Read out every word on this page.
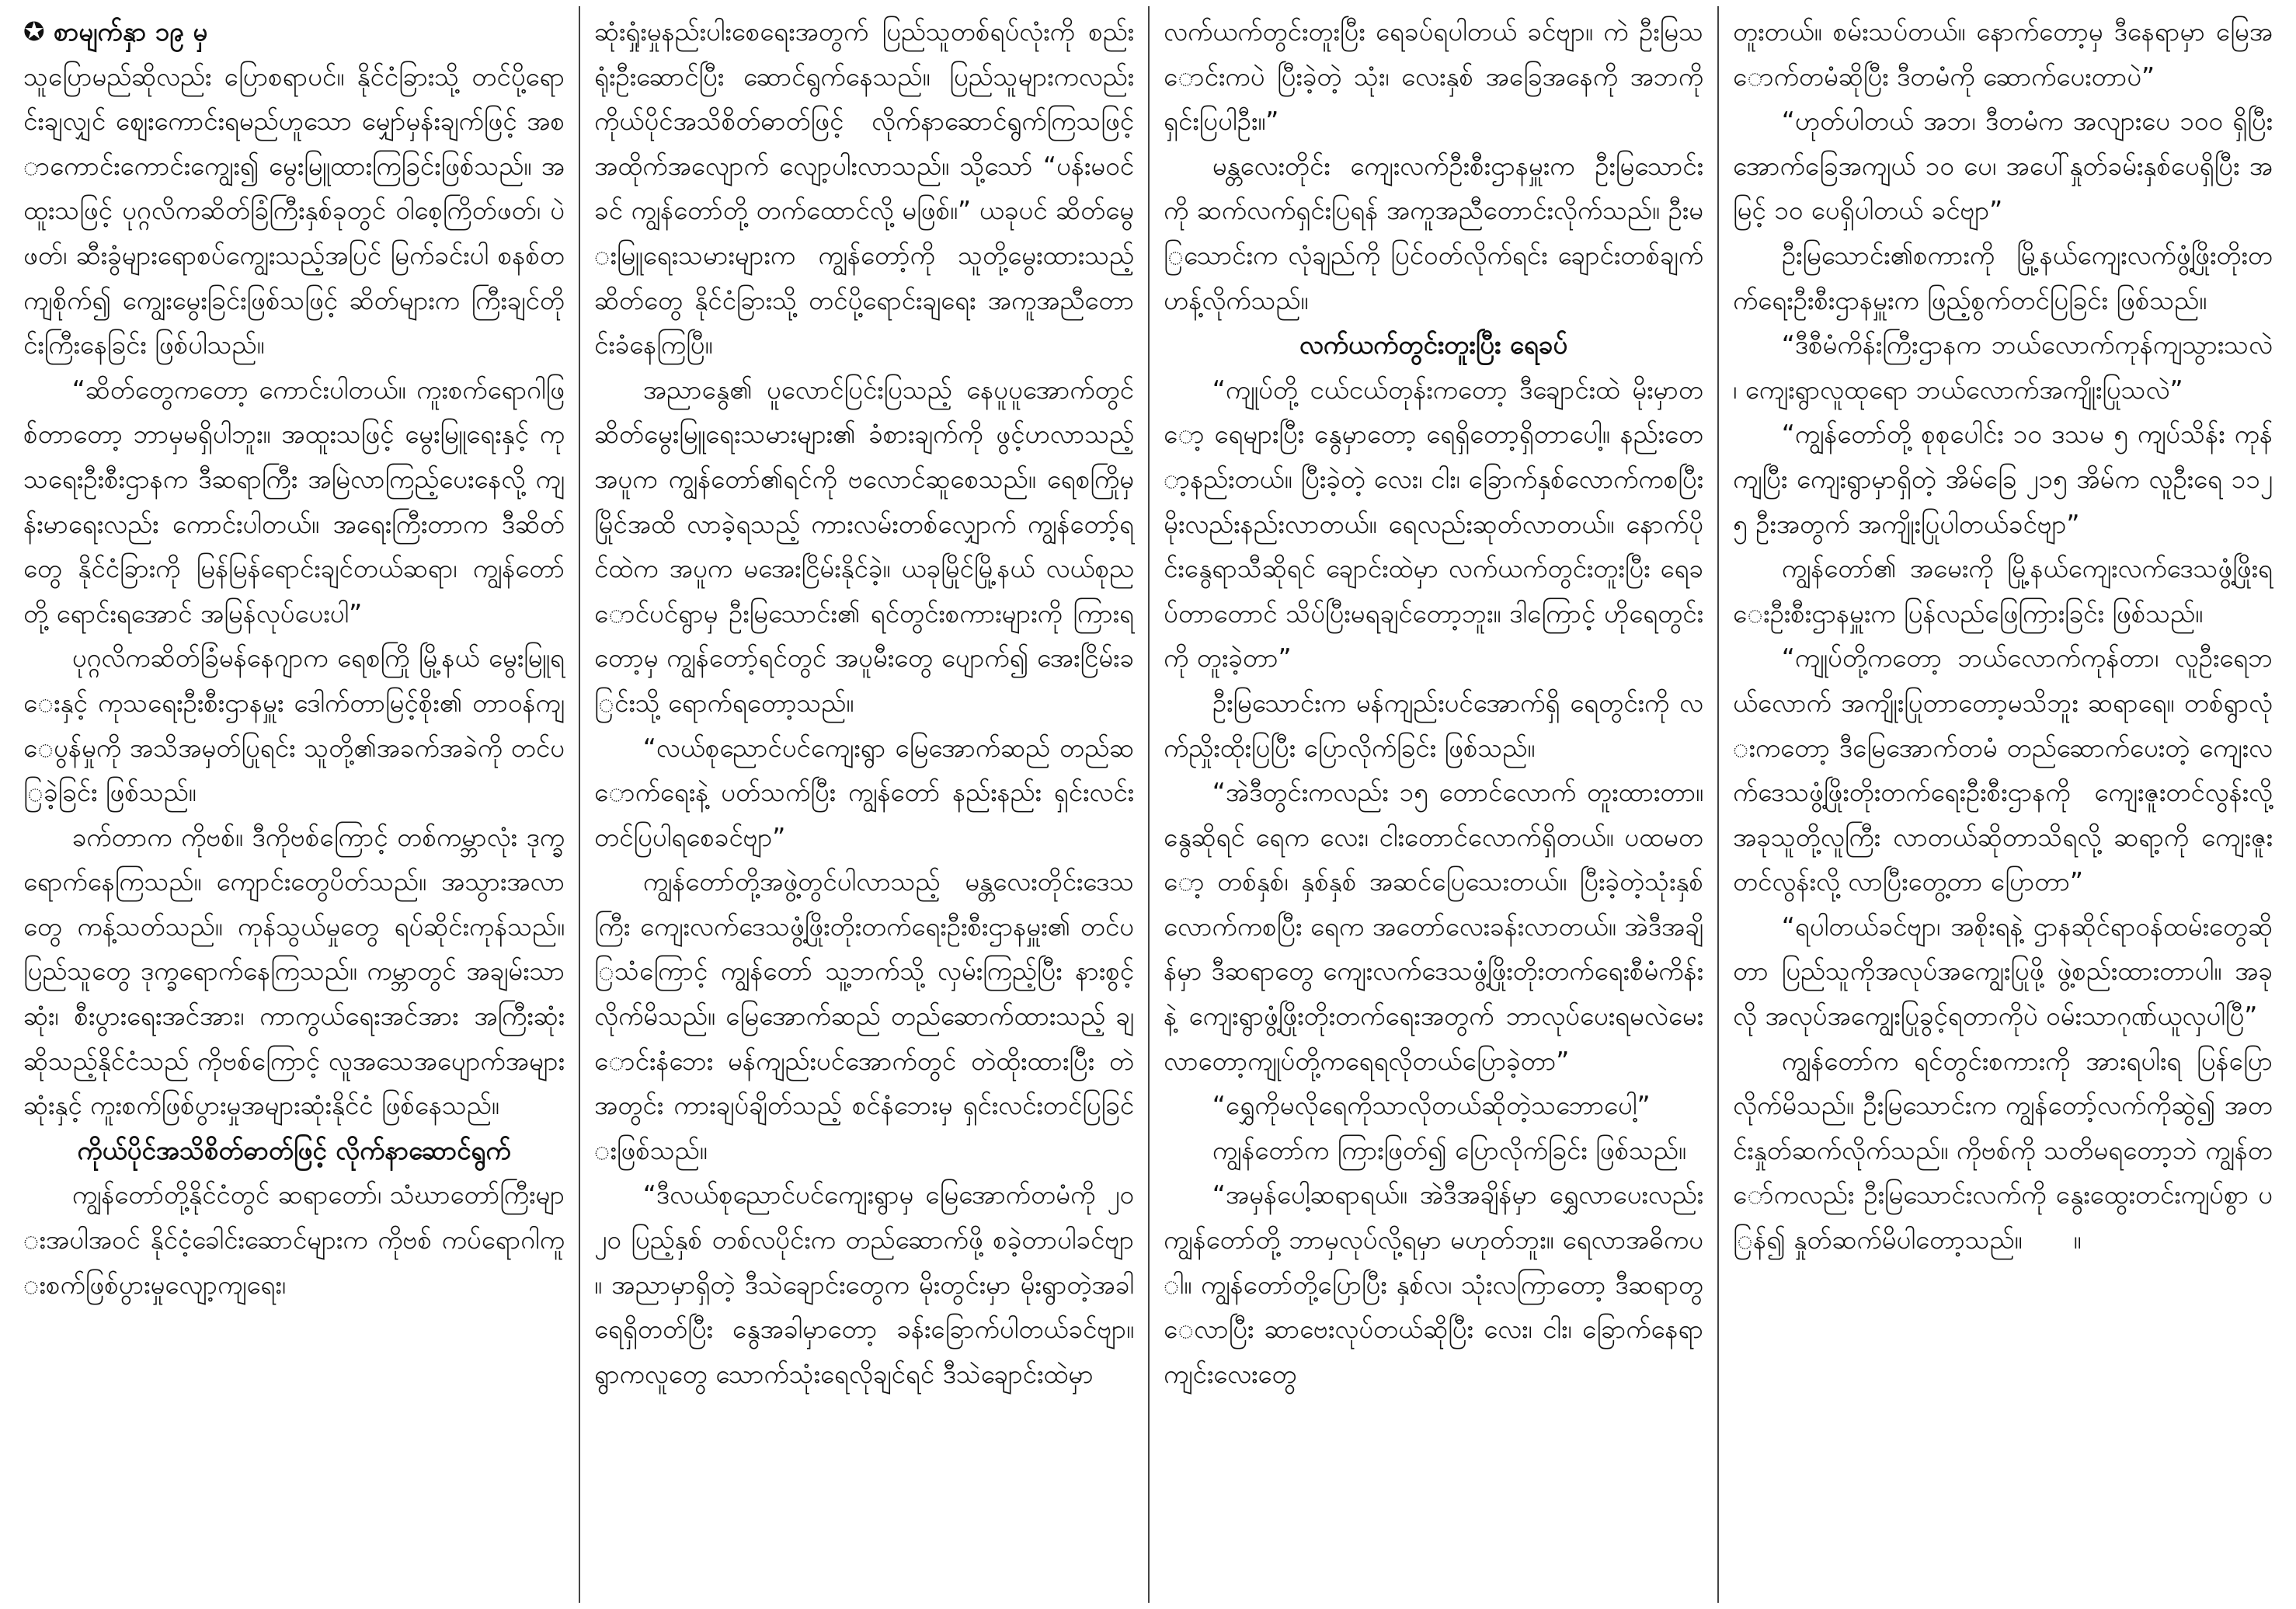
✪ စာမျက်နှာ ၁၉ မှ

သူပြောမည်ဆိုလည်း ပြောစရာပင်။ နိုင်ငံခြားသို့ တင်ပို့ရောင်းချလျှင် ဈေးကောင်းရမည်ဟူသော မျှော်မှန်းချက်ဖြင့် အစာကောင်းကောင်းကျွေး၍ မွေးမြူထားကြခြင်းဖြစ်သည်။ အထူးသဖြင့် ပုဂ္ဂလိကဆိတ်ခြံကြီးနှစ်ခုတွင် ဝါစေ့ကြိတ်ဖတ်၊ ပဲဖတ်၊ ဆီးခွံများရောစပ်ကျွေးသည့်အပြင် မြက်ခင်းပါ စနစ်တကျစိုက်၍ ကျွေးမွေးခြင်းဖြစ်သဖြင့် ဆိတ်များက ကြီးချင်တိုင်းကြီးနေခြင်း ဖြစ်ပါသည်။

“ဆိတ်တွေကတော့ ကောင်းပါတယ်။ ကူးစက်ရောဂါဖြစ်တာတော့ ဘာမှမရှိပါဘူး။ အထူးသဖြင့် မွေးမြူရေးနှင့် ကုသရေးဦးစီးဌာနက ဒီဆရာကြီး အမြဲလာကြည့်ပေးနေလို့ ကျန်းမာရေးလည်း ကောင်းပါတယ်။ အရေးကြီးတာက ဒီဆိတ်တွေ နိုင်ငံခြားကို မြန်မြန်ရောင်းချင်တယ်ဆရာ၊ ကျွန်တော်တို့ ရောင်းရအောင် အမြန်လုပ်ပေးပါ”

ပုဂ္ဂလိကဆိတ်ခြံမန်နေဂျာက ရေစကြို မြို့နယ် မွေးမြူရေးနှင့် ကုသရေးဦးစီးဌာနမှူး ဒေါက်တာမြင့်စိုး၏ တာဝန်ကျေပွန်မှုကို အသိအမှတ်ပြုရင်း သူတို့၏အခက်အခဲကို တင်ပြခဲ့ခြင်း ဖြစ်သည်။

ခက်တာက ကိုဗစ်။ ဒီကိုဗစ်ကြောင့် တစ်ကမ္ဘာလုံး ဒုက္ခရောက်နေကြသည်။ ကျောင်းတွေပိတ်သည်။ အသွားအလာတွေ ကန့်သတ်သည်။ ကုန်သွယ်မှုတွေ ရပ်ဆိုင်းကုန်သည်။ ပြည်သူတွေ ဒုက္ခရောက်နေကြသည်။ ကမ္ဘာတွင် အချမ်းသာဆုံး၊ စီးပွားရေးအင်အား၊ ကာကွယ်ရေးအင်အား အကြီးဆုံးဆိုသည့်နိုင်ငံသည် ကိုဗစ်ကြောင့် လူအသေအပျောက်အများဆုံးနှင့် ကူးစက်ဖြစ်ပွားမှုအများဆုံးနိုင်ငံ ဖြစ်နေသည်။

ကိုယ်ပိုင်အသိစိတ်ဓာတ်ဖြင့် လိုက်နာဆောင်ရွက်

ကျွန်တော်တို့နိုင်ငံတွင် ဆရာတော်၊ သံဃာတော်ကြီးများအပါအဝင် နိုင်ငံ့ခေါင်းဆောင်များက ကိုဗစ် ကပ်ရောဂါကူးစက်ဖြစ်ပွားမှုလျော့ကျရေး၊

ဆုံးရှုံးမှုနည်းပါးစေရေးအတွက် ပြည်သူတစ်ရပ်လုံးကို စည်းရုံးဦးဆောင်ပြီး ဆောင်ရွက်နေသည်။ ပြည်သူများကလည်း ကိုယ်ပိုင်အသိစိတ်ဓာတ်ဖြင့် လိုက်နာဆောင်ရွက်ကြသဖြင့် အထိုက်အလျောက် လျော့ပါးလာသည်။ သို့သော် “ပန်းမဝင်ခင် ကျွန်တော်တို့ တက်ထောင်လို့ မဖြစ်။” ယခုပင် ဆိတ်မွေးမြူရေးသမားများက ကျွန်တော့်ကို သူတို့မွေးထားသည့် ဆိတ်တွေ နိုင်ငံခြားသို့ တင်ပို့ရောင်းချရေး အကူအညီတောင်းခံနေကြပြီ။

အညာနွေ၏ ပူလောင်ပြင်းပြသည့် နေပူပူအောက်တွင် ဆိတ်မွေးမြူရေးသမားများ၏ ခံစားချက်ကို ဖွင့်ဟလာသည့်အပူက ကျွန်တော်၏ရင်ကို ဗလောင်ဆူစေသည်။ ရေစကြိုမှ မြိုင်အထိ လာခဲ့ရသည့် ကားလမ်းတစ်လျှောက် ကျွန်တော့်ရင်ထဲက အပူက မအေးငြိမ်းနိုင်ခဲ့။ ယခုမြိုင်မြို့နယ် လယ်စုညောင်ပင်ရွာမှ ဦးမြသောင်း၏ ရင်တွင်းစကားများကို ကြားရတော့မှ ကျွန်တော့်ရင်တွင် အပူမီးတွေ ပျောက်၍ အေးငြိမ်းခြင်းသို့ ရောက်ရတော့သည်။

“လယ်စုညောင်ပင်ကျေးရွာ မြေအောက်ဆည် တည်ဆောက်ရေးနဲ့ ပတ်သက်ပြီး ကျွန်တော် နည်းနည်း ရှင်းလင်းတင်ပြပါရစေခင်ဗျာ”

ကျွန်တော်တို့အဖွဲ့တွင်ပါလာသည့် မန္တလေးတိုင်းဒေသကြီး ကျေးလက်ဒေသဖွံ့ဖြိုးတိုးတက်ရေးဦးစီးဌာနမှူး၏ တင်ပြသံကြောင့် ကျွန်တော် သူ့ဘက်သို့ လှမ်းကြည့်ပြီး နားစွင့်လိုက်မိသည်။ မြေအောက်ဆည် တည်ဆောက်ထားသည့် ချောင်းနံဘေး မန်ကျည်းပင်အောက်တွင် တဲထိုးထားပြီး တဲအတွင်း ကားချပ်ချိတ်သည့် စင်နံဘေးမှ ရှင်းလင်းတင်ပြခြင်းဖြစ်သည်။

“ဒီလယ်စုညောင်ပင်ကျေးရွာမှ မြေအောက်တမံကို ၂၀၂၀ ပြည့်နှစ် တစ်လပိုင်းက တည်ဆောက်ဖို့ စခဲ့တာပါခင်ဗျာ။ အညာမှာရှိတဲ့ ဒီသဲချောင်းတွေက မိုးတွင်းမှာ မိုးရွာတဲ့အခါ ရေရှိတတ်ပြီး နွေအခါမှာတော့ ခန်းခြောက်ပါတယ်ခင်ဗျာ။ ရွာကလူတွေ သောက်သုံးရေလိုချင်ရင် ဒီသဲချောင်းထဲမှာ

လက်ယက်တွင်းတူးပြီး ရေခပ်ရပါတယ် ခင်ဗျာ။ ကဲ ဦးမြသောင်းကပဲ ပြီးခဲ့တဲ့ သုံး၊ လေးနှစ် အခြေအနေကို အဘကို ရှင်းပြပါဦး။”

မန္တလေးတိုင်း ကျေးလက်ဦးစီးဌာနမှူးက ဦးမြသောင်းကို ဆက်လက်ရှင်းပြရန် အကူအညီတောင်းလိုက်သည်။ ဦးမြသောင်းက လုံချည်ကို ပြင်ဝတ်လိုက်ရင်း ချောင်းတစ်ချက်ဟန့်လိုက်သည်။

လက်ယက်တွင်းတူးပြီး ရေခပ်

“ကျုပ်တို့ ငယ်ငယ်တုန်းကတော့ ဒီချောင်းထဲ မိုးမှာတော့ ရေများပြီး နွေမှာတော့ ရေရှိတော့ရှိတာပေါ့။ နည်းတော့နည်းတယ်။ ပြီးခဲ့တဲ့ လေး၊ ငါး၊ ခြောက်နှစ်လောက်ကစပြီး မိုးလည်းနည်းလာတယ်။ ရေလည်းဆုတ်လာတယ်။ နောက်ပိုင်းနွေရာသီဆိုရင် ချောင်းထဲမှာ လက်ယက်တွင်းတူးပြီး ရေခပ်တာတောင် သိပ်ပြီးမရချင်တော့ဘူး။ ဒါကြောင့် ဟိုရေတွင်းကို တူးခဲ့တာ”

ဦးမြသောင်းက မန်ကျည်းပင်အောက်ရှိ ရေတွင်းကို လက်ညှိုးထိုးပြပြီး ပြောလိုက်ခြင်း ဖြစ်သည်။

“အဲဒီတွင်းကလည်း ၁၅ တောင်လောက် တူးထားတာ။ နွေဆိုရင် ရေက လေး၊ ငါးတောင်လောက်ရှိတယ်။ ပထမတော့ တစ်နှစ်၊ နှစ်နှစ် အဆင်ပြေသေးတယ်။ ပြီးခဲ့တဲ့သုံးနှစ်လောက်ကစပြီး ရေက အတော်လေးခန်းလာတယ်။ အဲဒီအချိန်မှာ ဒီဆရာတွေ ကျေးလက်ဒေသဖွံ့ဖြိုးတိုးတက်ရေးစီမံကိန်းနဲ့ ကျေးရွာဖွံ့ဖြိုးတိုးတက်ရေးအတွက် ဘာလုပ်ပေးရမလဲမေးလာတော့ကျုပ်တို့ကရေရလိုတယ်ပြောခဲ့တာ”

“ရွှေကိုမလိုရေကိုသာလိုတယ်ဆိုတဲ့သဘောပေါ့”

ကျွန်တော်က ကြားဖြတ်၍ ပြောလိုက်ခြင်း ဖြစ်သည်။

“အမှန်ပေါ့ဆရာရယ်။ အဲဒီအချိန်မှာ ရွှေလာပေးလည်း ကျွန်တော်တို့ ဘာမှလုပ်လို့ရမှာ မဟုတ်ဘူး။ ရေလာအဓိကပါ။ ကျွန်တော်တို့ပြောပြီး နှစ်လ၊ သုံးလကြာတော့ ဒီဆရာတွေလာပြီး ဆာဗေးလုပ်တယ်ဆိုပြီး လေး၊ ငါး၊ ခြောက်နေရာ ကျင်းလေးတွေ

တူးတယ်။ စမ်းသပ်တယ်။ နောက်တော့မှ ဒီနေရာမှာ မြေအောက်တမံဆိုပြီး ဒီတမံကို ဆောက်ပေးတာပဲ”

“ဟုတ်ပါတယ် အဘ၊ ဒီတမံက အလျားပေ ၁၀၀ ရှိပြီး အောက်ခြေအကျယ် ၁၀ ပေ၊ အပေါ်နှုတ်ခမ်းနှစ်ပေရှိပြီး အမြင့် ၁၀ ပေရှိပါတယ် ခင်ဗျာ”

ဦးမြသောင်း၏စကားကို မြို့နယ်ကျေးလက်ဖွံ့ဖြိုးတိုးတက်ရေးဦးစီးဌာနမှူးက ဖြည့်စွက်တင်ပြခြင်း ဖြစ်သည်။

“ဒီစီမံကိန်းကြီးဌာနက ဘယ်လောက်ကုန်ကျသွားသလဲ၊ ကျေးရွာလူထုရော ဘယ်လောက်အကျိုးပြုသလဲ”

“ကျွန်တော်တို့ စုစုပေါင်း ၁၀ ဒသမ ၅ ကျပ်သိန်း ကုန်ကျပြီး ကျေးရွာမှာရှိတဲ့ အိမ်ခြေ ၂၁၅ အိမ်က လူဦးရေ ၁၁၂၅ ဦးအတွက် အကျိုးပြုပါတယ်ခင်ဗျာ”

ကျွန်တော်၏ အမေးကို မြို့နယ်ကျေးလက်ဒေသဖွံ့ဖြိုးရေးဦးစီးဌာနမှူးက ပြန်လည်ဖြေကြားခြင်း ဖြစ်သည်။

“ကျုပ်တို့ကတော့ ဘယ်လောက်ကုန်တာ၊ လူဦးရေဘယ်လောက် အကျိုးပြုတာတော့မသိဘူး ဆရာရေ။ တစ်ရွာလုံးကတော့ ဒီမြေအောက်တမံ တည်ဆောက်ပေးတဲ့ ကျေးလက်ဒေသဖွံ့ဖြိုးတိုးတက်ရေးဦးစီးဌာနကို ကျေးဇူးတင်လွန်းလို့ အခုသူတို့လူကြီး လာတယ်ဆိုတာသိရလို့ ဆရာ့ကို ကျေးဇူးတင်လွန်းလို့ လာပြီးတွေ့တာ ပြောတာ”

“ရပါတယ်ခင်ဗျာ၊ အစိုးရနဲ့ ဌာနဆိုင်ရာဝန်ထမ်းတွေဆိုတာ ပြည်သူကိုအလုပ်အကျွေးပြုဖို့ ဖွဲ့စည်းထားတာပါ။ အခုလို အလုပ်အကျွေးပြုခွင့်ရတာကိုပဲ ဝမ်းသာဂုဏ်ယူလှပါပြီ”

ကျွန်တော်က ရင်တွင်းစကားကို အားရပါးရ ပြန်ပြောလိုက်မိသည်။ ဦးမြသောင်းက ကျွန်တော့်လက်ကိုဆွဲ၍ အတင်းနှုတ်ဆက်လိုက်သည်။ ကိုဗစ်ကို သတိမရတော့ဘဲ ကျွန်တော်ကလည်း ဦးမြသောင်းလက်ကို နွေးထွေးတင်းကျပ်စွာ ပြန်၍ နှုတ်ဆက်မိပါတော့သည်။ ။
